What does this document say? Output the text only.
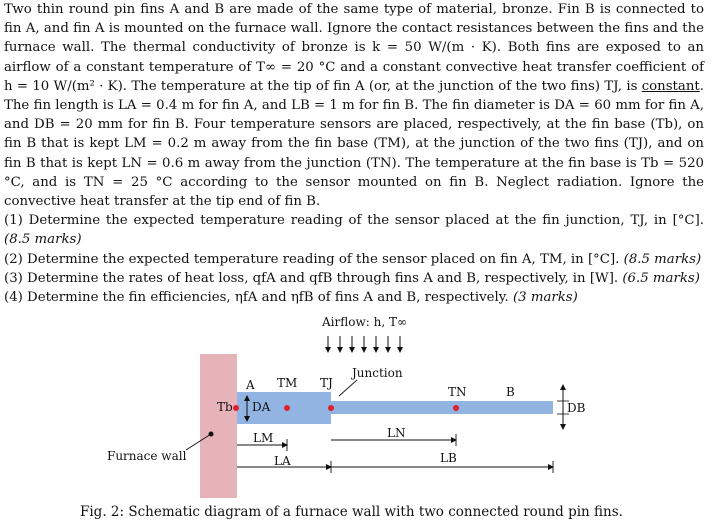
Two thin round pin fins A and B are made of the same type of material, bronze. Fin B is connected to fin A, and fin A is mounted on the furnace wall. Ignore the contact resistances between the fins and the furnace wall. The thermal conductivity of bronze is k = 50 W/(m · K). Both fins are exposed to an airflow of a constant temperature of T∞ = 20 °C and a constant convective heat transfer coefficient of h = 10 W/(m² · K). The temperature at the tip of fin A (or, at the junction of the two fins) TJ, is constant. The fin length is LA = 0.4 m for fin A, and LB = 1 m for fin B. The fin diameter is DA = 60 mm for fin A, and DB = 20 mm for fin B. Four temperature sensors are placed, respectively, at the fin base (Tb), on fin B that is kept LM = 0.2 m away from the fin base (TM), at the junction of the two fins (TJ), and on fin B that is kept LN = 0.6 m away from the junction (TN). The temperature at the fin base is Tb = 520 °C, and is TN = 25 °C according to the sensor mounted on fin B. Neglect radiation. Ignore the convective heat transfer at the tip end of fin B.

(1) Determine the expected temperature reading of the sensor placed at the fin junction, TJ, in [°C]. (8.5 marks)

(2) Determine the expected temperature reading of the sensor placed on fin A, TM, in [°C]. (8.5 marks)

(3) Determine the rates of heat loss, qfA and qfB through fins A and B, respectively, in [W]. (6.5 marks)

(4) Determine the fin efficiencies, ηfA and ηfB of fins A and B, respectively. (3 marks)

Airflow: h, T∞
A TM TJ
Junction
TN	B
Tb DA	DB
Furnace wall
LM
LA
LN
LB
Fig. 2: Schematic diagram of a furnace wall with two connected round pin fins.
